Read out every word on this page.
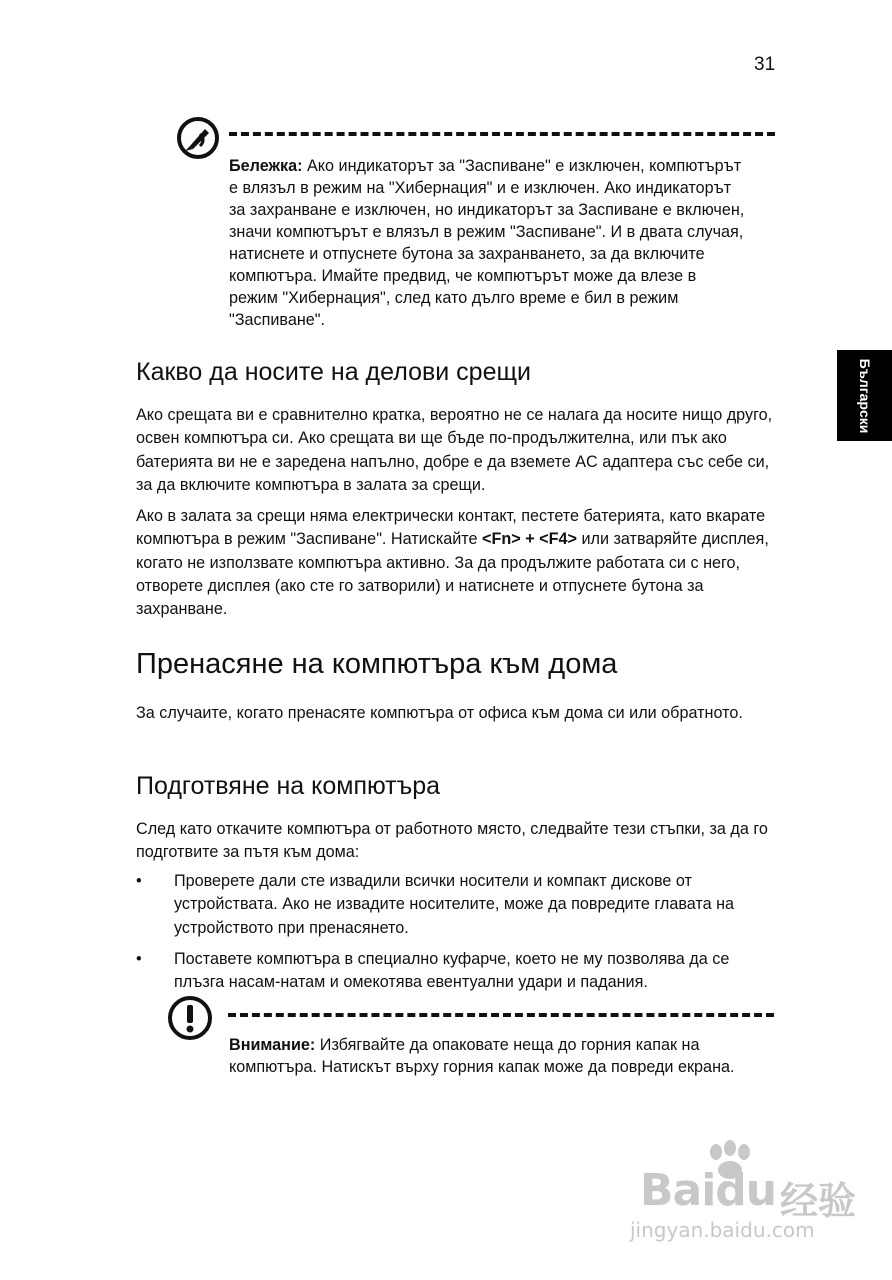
31
Български
Бележка: Ако индикаторът за "Заспиване" е изключен, компютърът е влязъл в режим на "Хибернация" и е изключен. Ако индикаторът за захранване е изключен, но индикаторът за Заспиване е включен, значи компютърът е влязъл в режим "Заспиване". И в двата случая, натиснете и отпуснете бутона за захранването, за да включите компютъра. Имайте предвид, че компютърът може да влезе в режим "Хибернация", след като дълго време е бил в режим "Заспиване".
Какво да носите на делови срещи

Ако срещата ви е сравнително кратка, вероятно не се налага да носите нищо друго, освен компютъра си. Ако срещата ви ще бъде по-продължителна, или пък ако батерията ви не е заредена напълно, добре е да вземете AC адаптера със себе си, за да включите компютъра в залата за срещи.

Ако в залата за срещи няма електрически контакт, пестете батерията, като вкарате компютъра в режим "Заспиване". Натискайте <Fn> + <F4> или затваряйте дисплея, когато не използвате компютъра активно. За да продължите работата си с него, отворете дисплея (ако сте го затворили) и натиснете и отпуснете бутона за захранване.

Пренасяне на компютъра към дома

За случаите, когато пренасяте компютъра от офиса към дома си или обратното.

Подготвяне на компютъра

След като откачите компютъра от работното място, следвайте тези стъпки, за да го подготвите за пътя към дома:

• Проверете дали сте извадили всички носители и компакт дискове от устройствата. Ако не извадите носителите, може да повредите главата на устройството при пренасянето.
• Поставете компютъра в специално куфарче, което не му позволява да се плъзга насам-натам и омекотява евентуални удари и падания.
Внимание: Избягвайте да опаковате неща до горния капак на компютъра. Натискът върху горния капак може да повреди екрана.
Baidu 经验
jingyan.baidu.com
